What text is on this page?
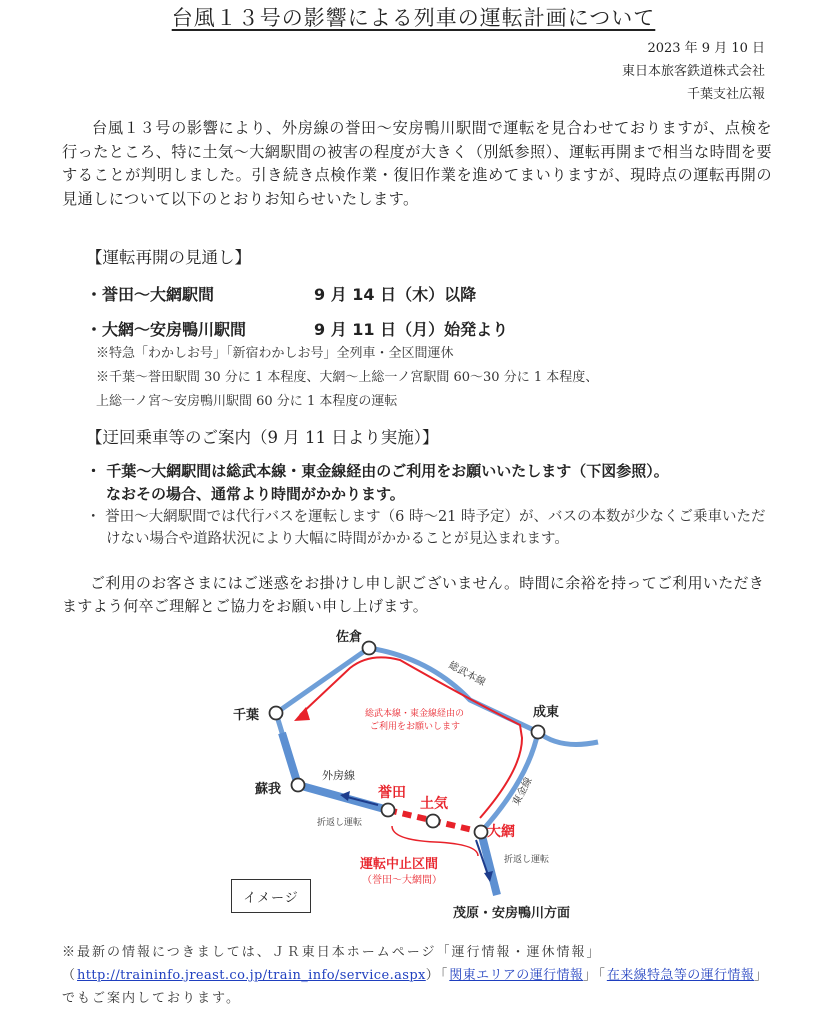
台風１３号の影響による列車の運転計画について
2023 年 9 月 10 日
東日本旅客鉄道株式会社
千葉支社広報
台風１３号の影響により、外房線の誉田～安房鴨川駅間で運転を見合わせておりますが、点検を行ったところ、特に土気～大網駅間の被害の程度が大きく（別紙参照）、運転再開まで相当な時間を要することが判明しました。引き続き点検作業・復旧作業を進めてまいりますが、現時点の運転再開の見通しについて以下のとおりお知らせいたします。
【運転再開の見通し】
・誉田～大網駅間	9 月 14 日（木）以降
・大網～安房鴨川駅間	9 月 11 日（月）始発より
※特急「わかしお号」「新宿わかしお号」全列車・全区間運休
※千葉～誉田駅間 30 分に 1 本程度、大網～上総一ノ宮駅間 60～30 分に 1 本程度、
上総一ノ宮～安房鴨川駅間 60 分に 1 本程度の運転
【迂回乗車等のご案内（9 月 11 日より実施）】
・ 千葉～大網駅間は総武本線・東金線経由のご利用をお願いいたします（下図参照）。
なおその場合、通常より時間がかかります。
・ 誉田～大網駅間では代行バスを運転します（6 時～21 時予定）が、バスの本数が少なくご乗車いただけない場合や道路状況により大幅に時間がかかることが見込まれます。
ご利用のお客さまにはご迷惑をお掛けし申し訳ございません。時間に余裕を持ってご利用いただきますよう何卒ご理解とご協力をお願い申し上げます。
佐倉
千葉	成東
蘇我	誉田
土気
大網
茂原・安房鴨川方面
総武本線
外房線
東金線
総武本線・東金線経由の
ご利用をお願いします
運転中止区間
（誉田～大網間）
折返し運転
折返し運転
イメージ
※最新の情報につきましては、ＪＲ東日本ホームページ「運行情報・運休情報」
（http://traininfo.jreast.co.jp/train_info/service.aspx）「関東エリアの運行情報」「在来線特急等の運行情報」でもご案内しております。
